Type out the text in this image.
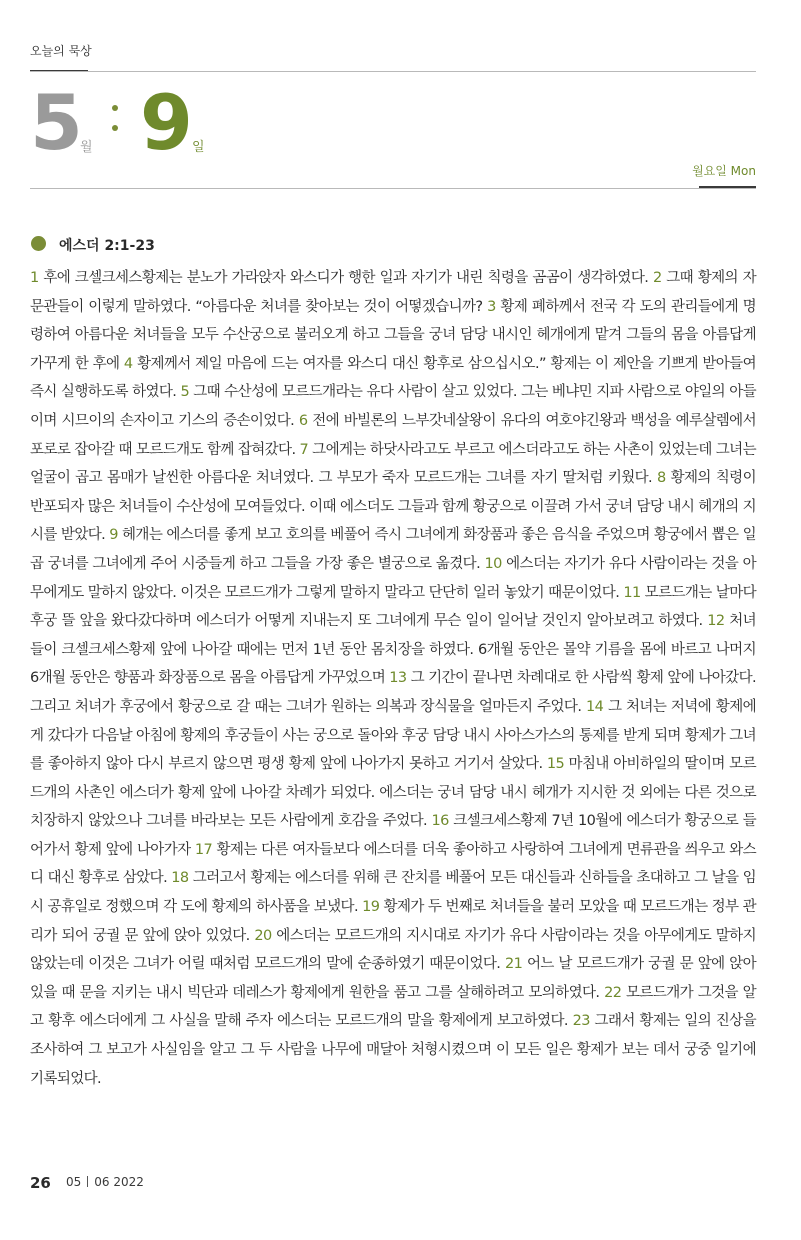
오늘의 묵상
5 월 9 일
월요일 Mon
에스더 2:1-23
1 후에 크셀크세스황제는 분노가 가라앉자 와스디가 행한 일과 자기가 내린 칙령을 곰곰이 생각하였다. 2 그때 황제의 자문관들이 이렇게 말하였다. “아름다운 처녀를 찾아보는 것이 어떻겠습니까? 3 황제 폐하께서 전국 각 도의 관리들에게 명령하여 아름다운 처녀들을 모두 수산궁으로 불러오게 하고 그들을 궁녀 담당 내시인 헤개에게 맡겨 그들의 몸을 아름답게 가꾸게 한 후에 4 황제께서 제일 마음에 드는 여자를 와스디 대신 황후로 삼으십시오.” 황제는 이 제안을 기쁘게 받아들여 즉시 실행하도록 하였다. 5 그때 수산성에 모르드개라는 유다 사람이 살고 있었다. 그는 베냐민 지파 사람으로 야일의 아들이며 시므이의 손자이고 기스의 증손이었다. 6 전에 바빌론의 느부갓네살왕이 유다의 여호야긴왕과 백성을 예루살렘에서 포로로 잡아갈 때 모르드개도 함께 잡혀갔다. 7 그에게는 하닷사라고도 부르고 에스더라고도 하는 사촌이 있었는데 그녀는 얼굴이 곱고 몸매가 날씬한 아름다운 처녀였다. 그 부모가 죽자 모르드개는 그녀를 자기 딸처럼 키웠다. 8 황제의 칙령이 반포되자 많은 처녀들이 수산성에 모여들었다. 이때 에스더도 그들과 함께 황궁으로 이끌려 가서 궁녀 담당 내시 헤개의 지시를 받았다. 9 헤개는 에스더를 좋게 보고 호의를 베풀어 즉시 그녀에게 화장품과 좋은 음식을 주었으며 황궁에서 뽑은 일곱 궁녀를 그녀에게 주어 시중들게 하고 그들을 가장 좋은 별궁으로 옮겼다. 10 에스더는 자기가 유다 사람이라는 것을 아무에게도 말하지 않았다. 이것은 모르드개가 그렇게 말하지 말라고 단단히 일러 놓았기 때문이었다. 11 모르드개는 날마다 후궁 뜰 앞을 왔다갔다하며 에스더가 어떻게 지내는지 또 그녀에게 무슨 일이 일어날 것인지 알아보려고 하였다. 12 처녀들이 크셀크세스황제 앞에 나아갈 때에는 먼저 1년 동안 몸치장을 하였다. 6개월 동안은 몰약 기름을 몸에 바르고 나머지 6개월 동안은 향품과 화장품으로 몸을 아름답게 가꾸었으며 13 그 기간이 끝나면 차례대로 한 사람씩 황제 앞에 나아갔다. 그리고 처녀가 후궁에서 황궁으로 갈 때는 그녀가 원하는 의복과 장식물을 얼마든지 주었다. 14 그 처녀는 저녁에 황제에게 갔다가 다음날 아침에 황제의 후궁들이 사는 궁으로 돌아와 후궁 담당 내시 사아스가스의 통제를 받게 되며 황제가 그녀를 좋아하지 않아 다시 부르지 않으면 평생 황제 앞에 나아가지 못하고 거기서 살았다. 15 마침내 아비하일의 딸이며 모르드개의 사촌인 에스더가 황제 앞에 나아갈 차례가 되었다. 에스더는 궁녀 담당 내시 헤개가 지시한 것 외에는 다른 것으로 치장하지 않았으나 그녀를 바라보는 모든 사람에게 호감을 주었다. 16 크셀크세스황제 7년 10월에 에스더가 황궁으로 들어가서 황제 앞에 나아가자 17 황제는 다른 여자들보다 에스더를 더욱 좋아하고 사랑하여 그녀에게 면류관을 씌우고 와스디 대신 황후로 삼았다. 18 그러고서 황제는 에스더를 위해 큰 잔치를 베풀어 모든 대신들과 신하들을 초대하고 그 날을 임시 공휴일로 정했으며 각 도에 황제의 하사품을 보냈다. 19 황제가 두 번째로 처녀들을 불러 모았을 때 모르드개는 정부 관리가 되어 궁궐 문 앞에 앉아 있었다. 20 에스더는 모르드개의 지시대로 자기가 유다 사람이라는 것을 아무에게도 말하지 않았는데 이것은 그녀가 어릴 때처럼 모르드개의 말에 순종하였기 때문이었다. 21 어느 날 모르드개가 궁궐 문 앞에 앉아 있을 때 문을 지키는 내시 빅단과 데레스가 황제에게 원한을 품고 그를 살해하려고 모의하였다. 22 모르드개가 그것을 알고 황후 에스더에게 그 사실을 말해 주자 에스더는 모르드개의 말을 황제에게 보고하였다. 23 그래서 황제는 일의 진상을 조사하여 그 보고가 사실임을 알고 그 두 사람을 나무에 매달아 처형시켰으며 이 모든 일은 황제가 보는 데서 궁중 일기에 기록되었다.
26 05 06 2022
